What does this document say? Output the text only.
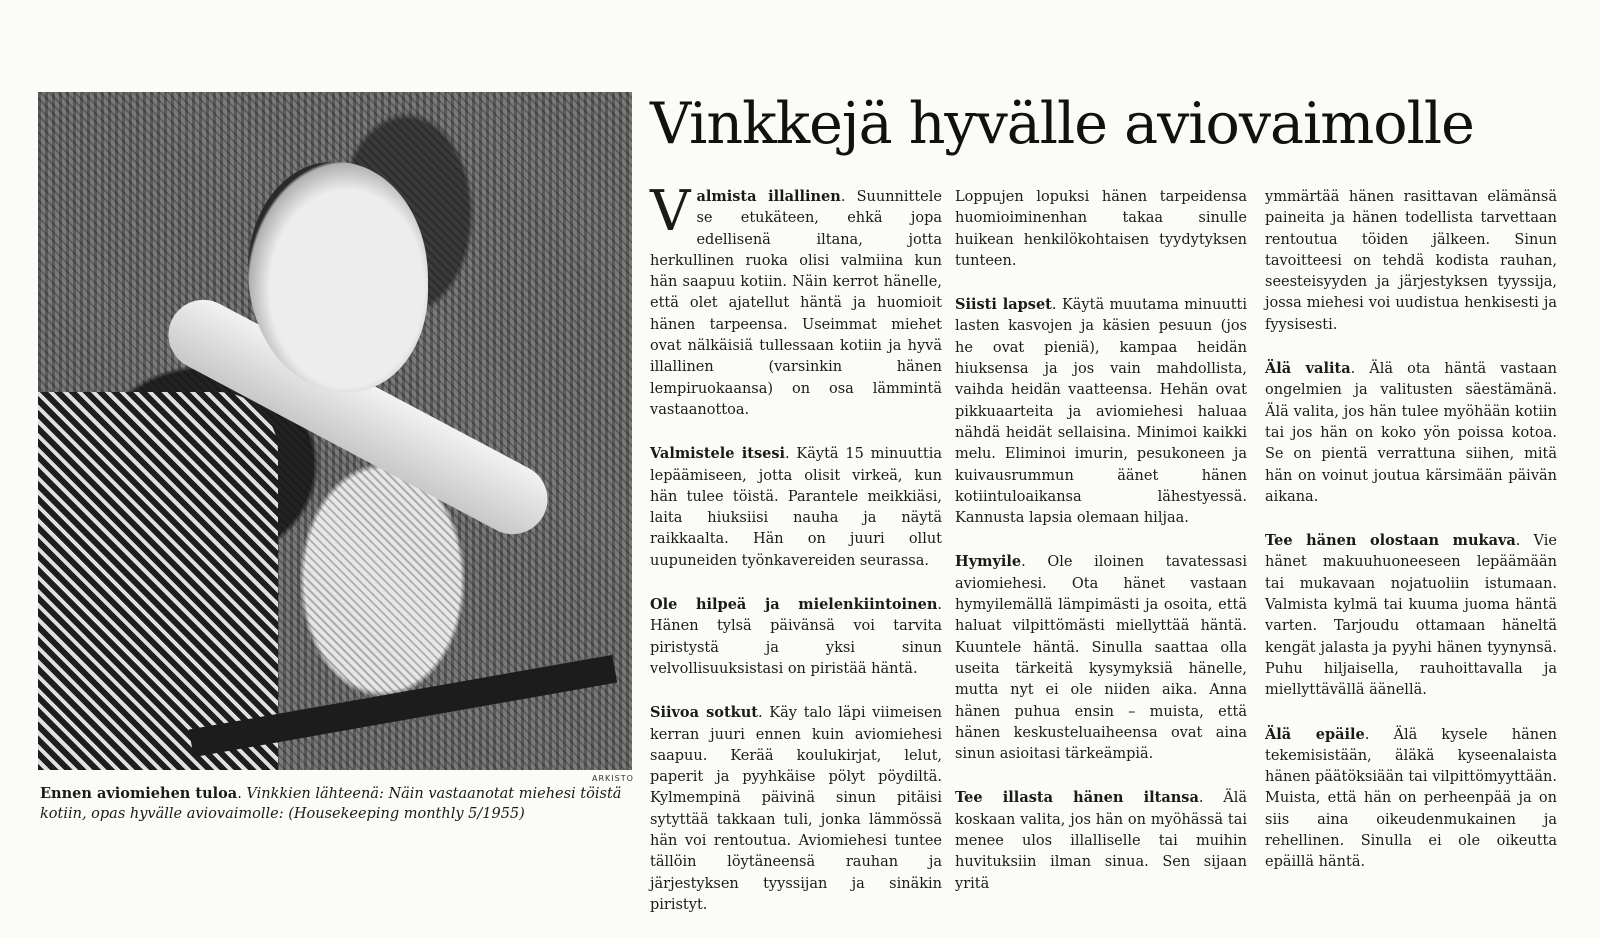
ARKISTO
Ennen aviomiehen tuloa. Vinkkien lähteenä: Näin vastaanotat miehesi töistä kotiin, opas hyvälle aviovaimolle: (Housekeeping monthly 5/1955)
Vinkkejä hyvälle aviovaimolle

Valmista illallinen. Suunnittele se etukäteen, ehkä jopa edellisenä iltana, jotta herkullinen ruoka olisi valmiina kun hän saapuu kotiin. Näin kerrot hänelle, että olet ajatellut häntä ja huomioit hänen tarpeensa. Useimmat miehet ovat nälkäisiä tullessaan kotiin ja hyvä illallinen (varsinkin hänen lempiruokaansa) on osa lämmintä vastaanottoa.

Valmistele itsesi. Käytä 15 minuuttia lepäämiseen, jotta olisit virkeä, kun hän tulee töistä. Parantele meikkiäsi, laita hiuksiisi nauha ja näytä raikkaalta. Hän on juuri ollut uupuneiden työnkavereiden seurassa.

Ole hilpeä ja mielenkiintoinen. Hänen tylsä päivänsä voi tarvita piristystä ja yksi sinun velvollisuuksistasi on piristää häntä.

Siivoa sotkut. Käy talo läpi viimeisen kerran juuri ennen kuin aviomiehesi saapuu. Kerää koulukirjat, lelut, paperit ja pyyhkäise pölyt pöydiltä. Kylmempinä päivinä sinun pitäisi sytyttää takkaan tuli, jonka lämmössä hän voi rentoutua. Aviomiehesi tuntee tällöin löytäneensä rauhan ja järjestyksen tyyssijan ja sinäkin piristyt.

Loppujen lopuksi hänen tarpeidensa huomioiminenhan takaa sinulle huikean henkilökohtaisen tyydytyksen tunteen.

Siisti lapset. Käytä muutama minuutti lasten kasvojen ja käsien pesuun (jos he ovat pieniä), kampaa heidän hiuksensa ja jos vain mahdollista, vaihda heidän vaatteensa. Hehän ovat pikkuaarteita ja aviomiehesi haluaa nähdä heidät sellaisina. Minimoi kaikki melu. Eliminoi imurin, pesukoneen ja kuivausrummun äänet hänen kotiintuloaikansa lähestyessä. Kannusta lapsia olemaan hiljaa.

Hymyile. Ole iloinen tavatessasi aviomiehesi. Ota hänet vastaan hymyilemällä lämpimästi ja osoita, että haluat vilpittömästi miellyttää häntä. Kuuntele häntä. Sinulla saattaa olla useita tärkeitä kysymyksiä hänelle, mutta nyt ei ole niiden aika. Anna hänen puhua ensin – muista, että hänen keskusteluaiheensa ovat aina sinun asioitasi tärkeämpiä.

Tee illasta hänen iltansa. Älä koskaan valita, jos hän on myöhässä tai menee ulos illalliselle tai muihin huvituksiin ilman sinua. Sen sijaan yritä

ymmärtää hänen rasittavan elämänsä paineita ja hänen todellista tarvettaan rentoutua töiden jälkeen. Sinun tavoitteesi on tehdä kodista rauhan, seesteisyyden ja järjestyksen tyyssija, jossa miehesi voi uudistua henkisesti ja fyysisesti.

Älä valita. Älä ota häntä vastaan ongelmien ja valitusten säestämänä. Älä valita, jos hän tulee myöhään kotiin tai jos hän on koko yön poissa kotoa. Se on pientä verrattuna siihen, mitä hän on voinut joutua kärsimään päivän aikana.

Tee hänen olostaan mukava. Vie hänet makuuhuoneeseen lepäämään tai mukavaan nojatuoliin istumaan. Valmista kylmä tai kuuma juoma häntä varten. Tarjoudu ottamaan häneltä kengät jalasta ja pyyhi hänen tyynynsä. Puhu hiljaisella, rauhoittavalla ja miellyttävällä äänellä.

Älä epäile. Älä kysele hänen tekemisistään, äläkä kyseenalaista hänen päätöksiään tai vilpittömyyttään. Muista, että hän on perheenpää ja on siis aina oikeudenmukainen ja rehellinen. Sinulla ei ole oikeutta epäillä häntä.
